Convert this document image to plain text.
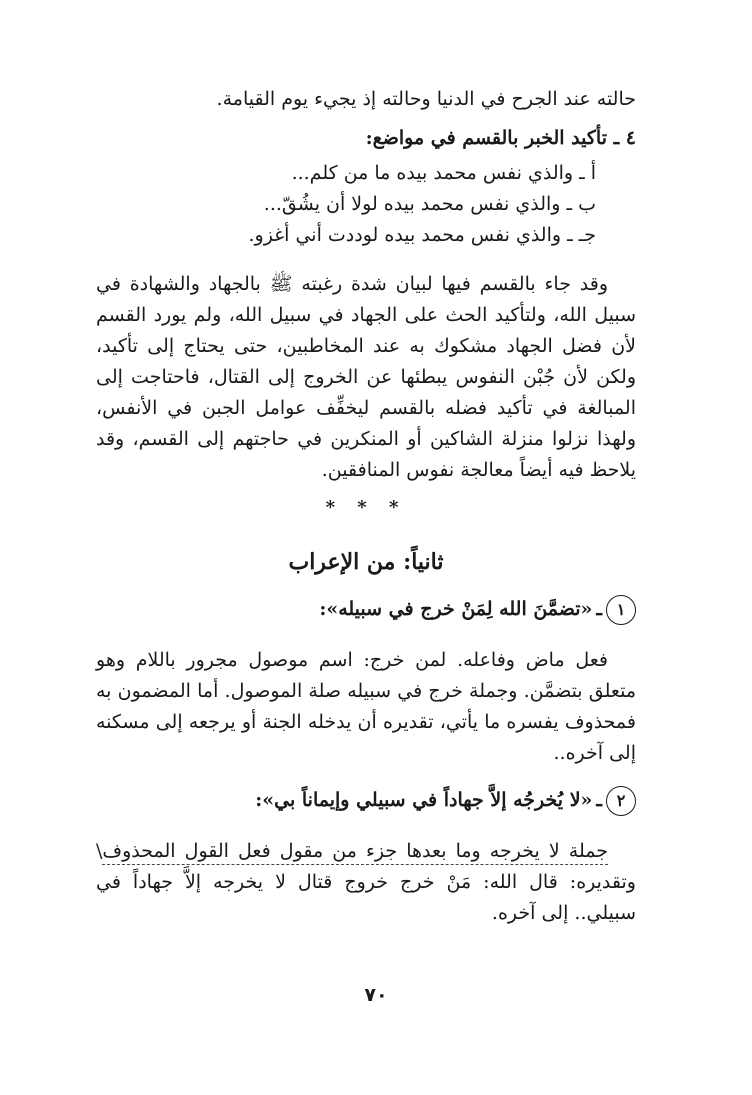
حالته عند الجرح في الدنيا وحالته إذ يجيء يوم القيامة.

٤ ـ تأكيد الخبر بالقسم في مواضع:

أ ـ والذي نفس محمد بيده ما من كلم...
ب ـ والذي نفس محمد بيده لولا أن يشُقّ...
جـ ـ والذي نفس محمد بيده لوددت أني أغزو.

وقد جاء بالقسم فيها لبيان شدة رغبته ﷺ بالجهاد والشهادة في سبيل الله، ولتأكيد الحث على الجهاد في سبيل الله، ولم يورد القسم لأن فضل الجهاد مشكوك به عند المخاطبين، حتى يحتاج إلى تأكيد، ولكن لأن جُبْن النفوس يبطئها عن الخروج إلى القتال، فاحتاجت إلى المبالغة في تأكيد فضله بالقسم ليخفِّف عوامل الجبن في الأنفس، ولهذا نزلوا منزلة الشاكين أو المنكرين في حاجتهم إلى القسم، وقد يلاحظ فيه أيضاً معالجة نفوس المنافقين.

* * *
ثانياً: من الإعراب
١
ـ
«تضمَّنَ الله لِمَنْ خرج في سبيله»:

فعل ماض وفاعله. لمن خرج: اسم موصول مجرور باللام وهو متعلق بتضمَّن. وجملة خرج في سبيله صلة الموصول. أما المضمون به فمحذوف يفسره ما يأتي، تقديره أن يدخله الجنة أو يرجعه إلى مسكنه إلى آخره..

٢
ـ
«لا يُخرجُه إلاَّ جهاداً في سبيلي وإيماناً بي»:

جملة لا يخرجه وما بعدها جزء من مقول فعل القول المحذوف\ وتقديره: قال الله: مَنْ خرج خروج قتال لا يخرجه إلاَّ جهاداً في سبيلي.. إلى آخره.

٧٠
